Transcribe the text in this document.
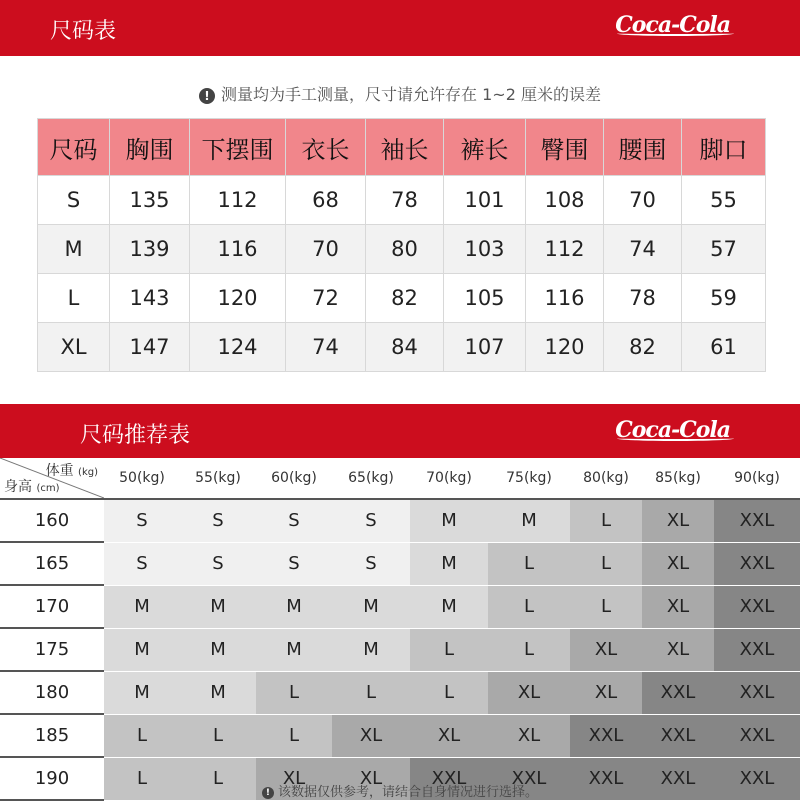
尺码表	Coca-Cola
! 测量均为手工测量，尺寸请允许存在 1~2 厘米的误差
尺码	胸围	下摆围	衣长	袖长	裤长	臀围	腰围	脚口
S	135	112	68	78	101	108	70	55
M	139	116	70	80	103	112	74	57
L	143	120	72	82	105	116	78	59
XL	147	124	74	84	107	120	82	61
尺码推荐表	Coca-Cola
体重 (kg)
身高 (cm)	50(kg)	55(kg)	60(kg)	65(kg)	70(kg)	75(kg)	80(kg)	85(kg)	90(kg)
160	S	S	S	S	M	M	L	XL	XXL
165	S	S	S	S	M	L	L	XL	XXL
170	M	M	M	M	M	L	L	XL	XXL
175	M	M	M	M	L	L	XL	XL	XXL
180	M	M	L	L	L	XL	XL	XXL	XXL
185	L	L	L	XL	XL	XL	XXL	XXL	XXL
190	L	L	XL	XL	XXL	XXL	XXL	XXL	XXL
! 该数据仅供参考，请结合自身情况进行选择。
